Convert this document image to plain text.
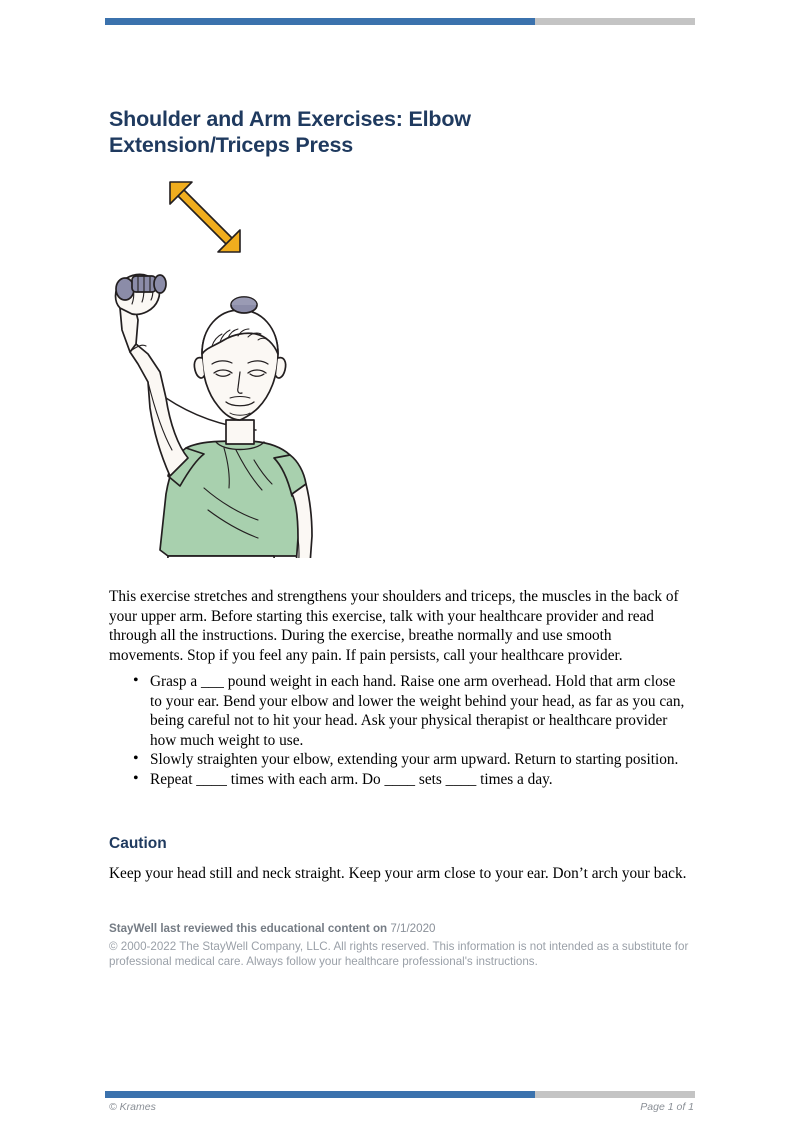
Shoulder and Arm Exercises: Elbow Extension/Triceps Press

This exercise stretches and strengthens your shoulders and triceps, the muscles in the back of your upper arm. Before starting this exercise, talk with your healthcare provider and read through all the instructions. During the exercise, breathe normally and use smooth movements. Stop if you feel any pain. If pain persists, call your healthcare provider.

• Grasp a ___ pound weight in each hand. Raise one arm overhead. Hold that arm close to your ear. Bend your elbow and lower the weight behind your head, as far as you can, being careful not to hit your head. Ask your physical therapist or healthcare provider how much weight to use.
• Slowly straighten your elbow, extending your arm upward. Return to starting position.
• Repeat ____ times with each arm. Do ____ sets ____ times a day.
Caution

Keep your head still and neck straight. Keep your arm close to your ear. Don’t arch your back.

StayWell last reviewed this educational content on 7/1/2020
© 2000-2022 The StayWell Company, LLC. All rights reserved. This information is not intended as a substitute for professional medical care. Always follow your healthcare professional's instructions.
© Krames	Page 1 of 1
